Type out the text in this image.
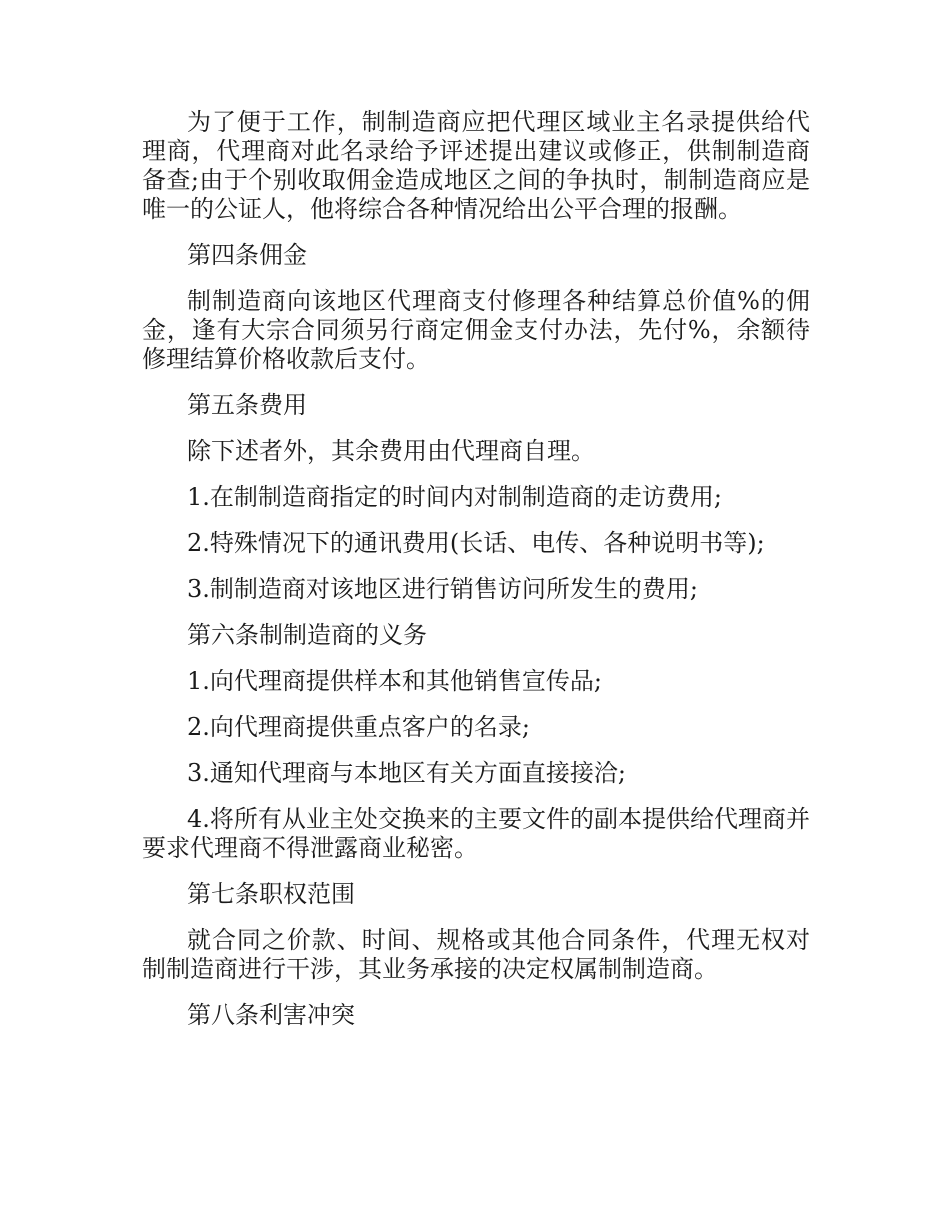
为了便于工作，制制造商应把代理区域业主名录提供给代理商，代理商对此名录给予评述提出建议或修正，供制制造商备查;由于个别收取佣金造成地区之间的争执时，制制造商应是唯一的公证人，他将综合各种情况给出公平合理的报酬。

第四条佣金

制制造商向该地区代理商支付修理各种结算总价值%的佣金，逢有大宗合同须另行商定佣金支付办法，先付%，余额待修理结算价格收款后支付。

第五条费用

除下述者外，其余费用由代理商自理。

1.在制制造商指定的时间内对制制造商的走访费用;

2.特殊情况下的通讯费用(长话、电传、各种说明书等);

3.制制造商对该地区进行销售访问所发生的费用;

第六条制制造商的义务

1.向代理商提供样本和其他销售宣传品;

2.向代理商提供重点客户的名录;

3.通知代理商与本地区有关方面直接接洽;

4.将所有从业主处交换来的主要文件的副本提供给代理商并要求代理商不得泄露商业秘密。

第七条职权范围

就合同之价款、时间、规格或其他合同条件，代理无权对制制造商进行干涉，其业务承接的决定权属制制造商。

第八条利害冲突
